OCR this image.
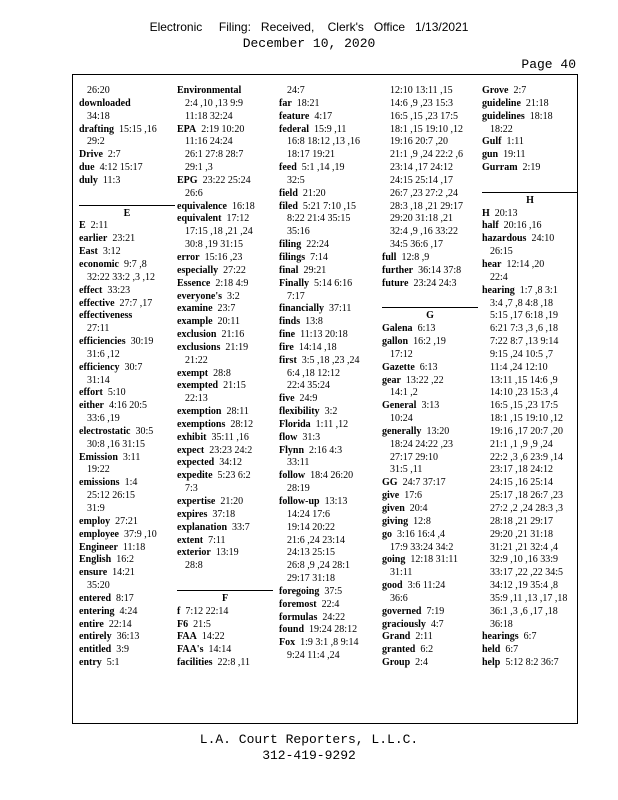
Electronic     Filing:   Received,    Clerk's   Office   1/13/2021
December 10, 2020
Page 40
26:20
downloaded
34:18
drafting 15:15 ,16
29:2
Drive 2:7
due 4:12 15:17
duly 11:3
E
E 2:11
earlier 23:21
East 3:12
economic 9:7 ,8
32:22 33:2 ,3 ,12
effect 33:23
effective 27:7 ,17
effectiveness
27:11
efficiencies 30:19
31:6 ,12
efficiency 30:7
31:14
effort 5:10
either 4:16 20:5
33:6 ,19
electrostatic 30:5
30:8 ,16 31:15
Emission 3:11
19:22
emissions 1:4
25:12 26:15
31:9
employ 27:21
employee 37:9 ,10
Engineer 11:18
English 16:2
ensure 14:21
35:20
entered 8:17
entering 4:24
entire 22:14
entirely 36:13
entitled 3:9
entry 5:1
Environmental
2:4 ,10 ,13 9:9
11:18 32:24
EPA 2:19 10:20
11:16 24:24
26:1 27:8 28:7
29:1 ,3
EPG 23:22 25:24
26:6
equivalence 16:18
equivalent 17:12
17:15 ,18 ,21 ,24
30:8 ,19 31:15
error 15:16 ,23
especially 27:22
Essence 2:18 4:9
everyone's 3:2
examine 23:7
example 20:11
exclusion 21:16
exclusions 21:19
21:22
exempt 28:8
exempted 21:15
22:13
exemption 28:11
exemptions 28:12
exhibit 35:11 ,16
expect 23:23 24:2
expected 34:12
expedite 5:23 6:2
7:3
expertise 21:20
expires 37:18
explanation 33:7
extent 7:11
exterior 13:19
28:8
F
f 7:12 22:14
F6 21:5
FAA 14:22
FAA's 14:14
facilities 22:8 ,11
24:7
far 18:21
feature 4:17
federal 15:9 ,11
16:8 18:12 ,13 ,16
18:17 19:21
feed 5:1 ,14 ,19
32:5
field 21:20
filed 5:21 7:10 ,15
8:22 21:4 35:15
35:16
filing 22:24
filings 7:14
final 29:21
Finally 5:14 6:16
7:17
financially 37:11
finds 13:8
fine 11:13 20:18
fire 14:14 ,18
first 3:5 ,18 ,23 ,24
6:4 ,18 12:12
22:4 35:24
five 24:9
flexibility 3:2
Florida 1:11 ,12
flow 31:3
Flynn 2:16 4:3
33:11
follow 18:4 26:20
28:19
follow-up 13:13
14:24 17:6
19:14 20:22
21:6 ,24 23:14
24:13 25:15
26:8 ,9 ,24 28:1
29:17 31:18
foregoing 37:5
foremost 22:4
formulas 24:22
found 19:24 28:12
Fox 1:9 3:1 ,8 9:14
9:24 11:4 ,24
12:10 13:11 ,15
14:6 ,9 ,23 15:3
16:5 ,15 ,23 17:5
18:1 ,15 19:10 ,12
19:16 20:7 ,20
21:1 ,9 ,24 22:2 ,6
23:14 ,17 24:12
24:15 25:14 ,17
26:7 ,23 27:2 ,24
28:3 ,18 ,21 29:17
29:20 31:18 ,21
32:4 ,9 ,16 33:22
34:5 36:6 ,17
full 12:8 ,9
further 36:14 37:8
future 23:24 24:3
G
Galena 6:13
gallon 16:2 ,19
17:12
Gazette 6:13
gear 13:22 ,22
14:1 ,2
General 3:13
10:24
generally 13:20
18:24 24:22 ,23
27:17 29:10
31:5 ,11
GG 24:7 37:17
give 17:6
given 20:4
giving 12:8
go 3:16 16:4 ,4
17:9 33:24 34:2
going 12:18 31:11
31:11
good 3:6 11:24
36:6
governed 7:19
graciously 4:7
Grand 2:11
granted 6:2
Group 2:4
Grove 2:7
guideline 21:18
guidelines 18:18
18:22
Gulf 1:11
gun 19:11
Gurram 2:19
H
H 20:13
half 20:16 ,16
hazardous 24:10
26:15
hear 12:14 ,20
22:4
hearing 1:7 ,8 3:1
3:4 ,7 ,8 4:8 ,18
5:15 ,17 6:18 ,19
6:21 7:3 ,3 ,6 ,18
7:22 8:7 ,13 9:14
9:15 ,24 10:5 ,7
11:4 ,24 12:10
13:11 ,15 14:6 ,9
14:10 ,23 15:3 ,4
16:5 ,15 ,23 17:5
18:1 ,15 19:10 ,12
19:16 ,17 20:7 ,20
21:1 ,1 ,9 ,9 ,24
22:2 ,3 ,6 23:9 ,14
23:17 ,18 24:12
24:15 ,16 25:14
25:17 ,18 26:7 ,23
27:2 ,2 ,24 28:3 ,3
28:18 ,21 29:17
29:20 ,21 31:18
31:21 ,21 32:4 ,4
32:9 ,10 ,16 33:9
33:17 ,22 ,22 34:5
34:12 ,19 35:4 ,8
35:9 ,11 ,13 ,17 ,18
36:1 ,3 ,6 ,17 ,18
36:18
hearings 6:7
held 6:7
help 5:12 8:2 36:7
L.A. Court Reporters, L.L.C.
312-419-9292
